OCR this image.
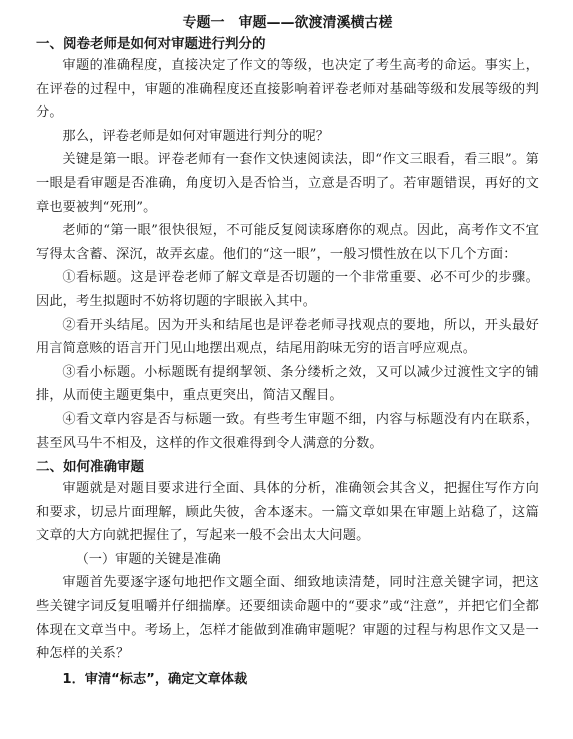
专题一　审题——欲渡清溪横古槎
一、阅卷老师是如何对审题进行判分的

审题的准确程度，直接决定了作文的等级，也决定了考生高考的命运。事实上，在评卷的过程中，审题的准确程度还直接影响着评卷老师对基础等级和发展等级的判分。

那么，评卷老师是如何对审题进行判分的呢？

关键是第一眼。评卷老师有一套作文快速阅读法，即“作文三眼看，看三眼”。第一眼是看审题是否准确，角度切入是否恰当，立意是否明了。若审题错误，再好的文章也要被判“死刑”。

老师的“第一眼”很快很短，不可能反复阅读琢磨你的观点。因此，高考作文不宜写得太含蓄、深沉，故弄玄虚。他们的“这一眼”，一般习惯性放在以下几个方面：

①看标题。这是评卷老师了解文章是否切题的一个非常重要、必不可少的步骤。因此，考生拟题时不妨将切题的字眼嵌入其中。

②看开头结尾。因为开头和结尾也是评卷老师寻找观点的要地，所以，开头最好用言简意赅的语言开门见山地摆出观点，结尾用韵味无穷的语言呼应观点。

③看小标题。小标题既有提纲挈领、条分缕析之效，又可以减少过渡性文字的铺排，从而使主题更集中，重点更突出，简洁又醒目。

④看文章内容是否与标题一致。有些考生审题不细，内容与标题没有内在联系，甚至风马牛不相及，这样的作文很难得到令人满意的分数。

二、如何准确审题

审题就是对题目要求进行全面、具体的分析，准确领会其含义，把握住写作方向和要求，切忌片面理解，顾此失彼，舍本逐末。一篇文章如果在审题上站稳了，这篇文章的大方向就把握住了，写起来一般不会出太大问题。

（一）审题的关键是准确

审题首先要逐字逐句地把作文题全面、细致地读清楚，同时注意关键字词，把这些关键字词反复咀嚼并仔细揣摩。还要细读命题中的“要求”或“注意”，并把它们全都体现在文章当中。考场上，怎样才能做到准确审题呢？审题的过程与构思作文又是一种怎样的关系？

1．审清“标志”，确定文章体裁
